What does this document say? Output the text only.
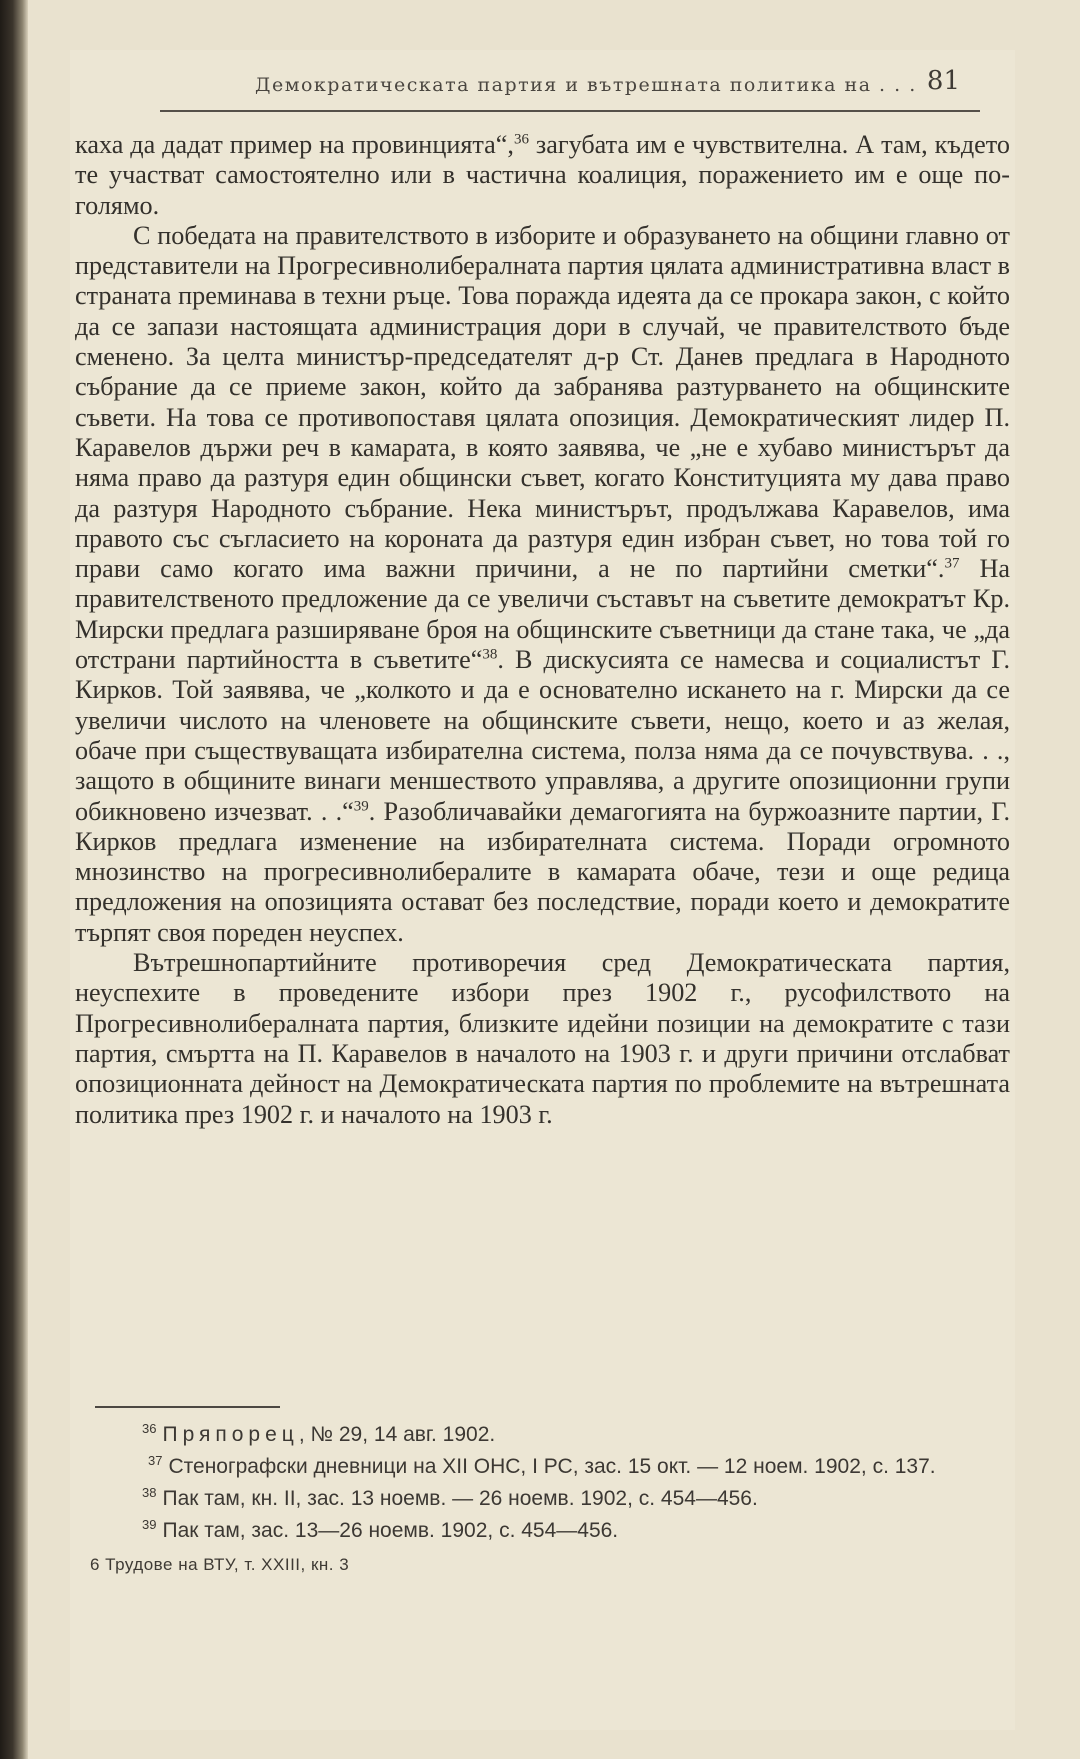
Демократическата партия и вътрешната политика на . . . 81

каха да дадат пример на провинцията“,$^{36}$ загубата им е чувствителна. А там, където те участват самостоятелно или в частична коалиция, поражението им е още по-голямо.

С победата на правителството в изборите и образуването на общини главно от представители на Прогресивнолибералната партия цялата административна власт в страната преминава в техни ръце. Това поражда идеята да се прокара закон, с който да се запази настоящата администрация дори в случай, че правителството бъде сменено. За целта министър-председателят д-р Ст. Данев предлага в Народното събрание да се приеме закон, който да забранява разтурването на общинските съвети. На това се противопоставя цялата опозиция. Демократическият лидер П. Каравелов държи реч в камарата, в която заявява, че „не е хубаво министърът да няма право да разтуря един общински съвет, когато Конституцията му дава право да разтуря Народното събрание. Нека министърът, продължава Каравелов, има правото със съгласието на короната да разтуря един избран съвет, но това той го прави само когато има важни причини, а не по партийни сметки“.$^{37}$ На правителственото предложение да се увеличи съставът на съветите демократът Кр. Мирски предлага разширяване броя на общинските съветници да стане така, че „да отстрани партийността в съветите“$^{38}$. В дискусията се намесва и социалистът Г. Кирков. Той заявява, че „колкото и да е основателно искането на г. Мирски да се увеличи числото на членовете на общинските съвети, нещо, което и аз желая, обаче при съществуващата избирателна система, полза няма да се почувствува. . ., защото в общините винаги меншеството управлява, а другите опозиционни групи обикновено изчезват. . .“$^{39}$. Разобличавайки демагогията на буржоазните партии, Г. Кирков предлага изменение на избирателната система. Поради огромното мнозинство на прогресивнолибералите в камарата обаче, тези и още редица предложения на опозицията остават без последствие, поради което и демократите търпят своя пореден неуспех.

Вътрешнопартийните противоречия сред Демократическата партия, неуспехите в проведените избори през 1902 г., русофилството на Прогресивнолибералната партия, близките идейни позиции на демократите с тази партия, смъртта на П. Каравелов в началото на 1903 г. и други причини отслабват опозиционната дейност на Демократическата партия по проблемите на вътрешната политика през 1902 г. и началото на 1903 г.

$^{36}$ Пряпорец, № 29, 14 авг. 1902.

$^{37}$ Стенографски дневници на XII ОНС, I РС, зас. 15 окт. — 12 ноем. 1902, с. 137.

$^{38}$ Пак там, кн. II, зас. 13 ноемв. — 26 ноемв. 1902, с. 454—456.

$^{39}$ Пак там, зас. 13—26 ноемв. 1902, с. 454—456.

6 Трудове на ВТУ, т. XXIII, кн. 3
